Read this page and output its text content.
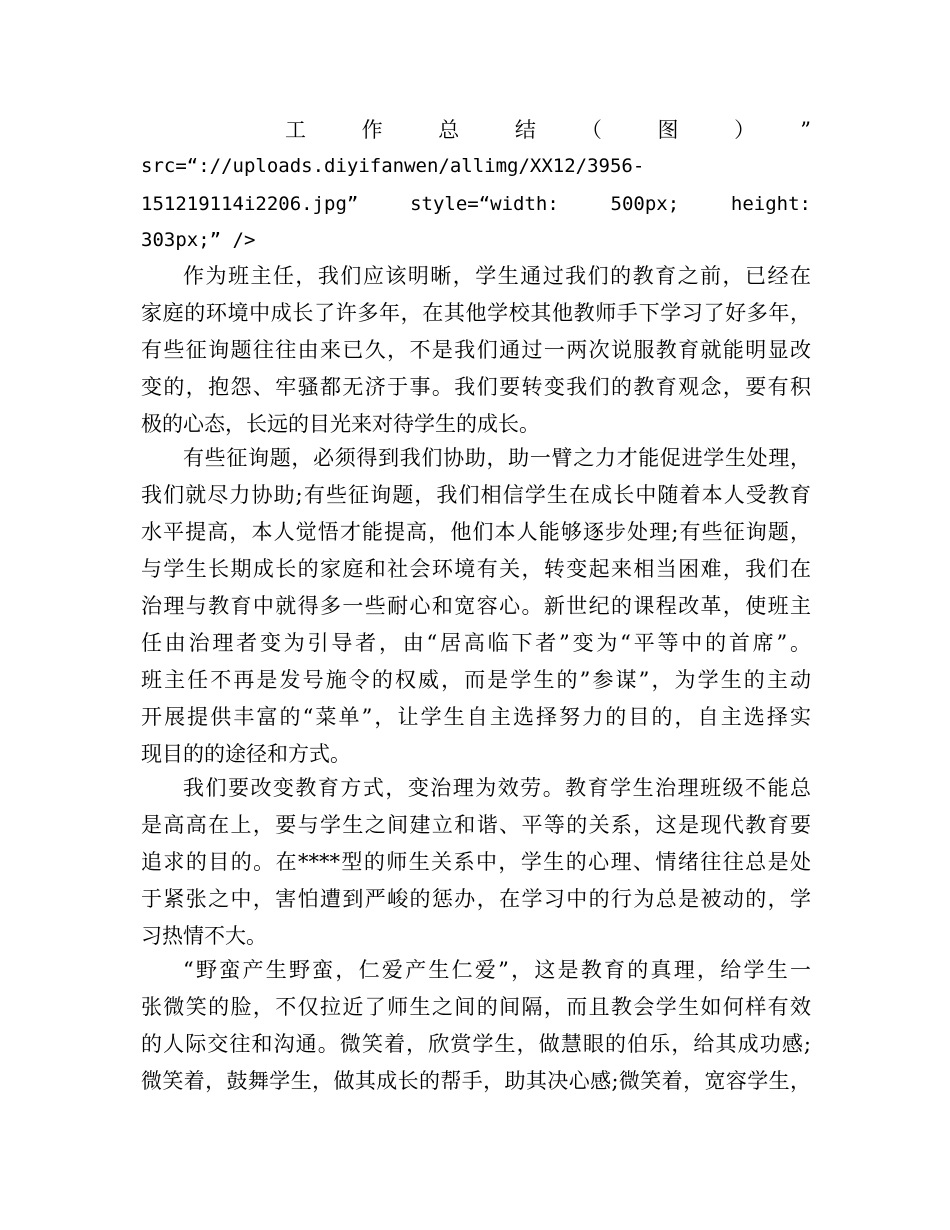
工　作　总　结　（　图　）　”
src=“://uploads.diyifanwen/allimg/XX12/3956-
151219114i2206.jpg”　　style=“width:　　500px;　　height:
303px;” />
作为班主任，我们应该明晰，学生通过我们的教育之前，已经在
家庭的环境中成长了许多年，在其他学校其他教师手下学习了好多年，
有些征询题往往由来已久，不是我们通过一两次说服教育就能明显改
变的，抱怨、牢骚都无济于事。我们要转变我们的教育观念，要有积
极的心态，长远的目光来对待学生的成长。
有些征询题，必须得到我们协助，助一臂之力才能促进学生处理，
我们就尽力协助;有些征询题，我们相信学生在成长中随着本人受教育
水平提高，本人觉悟才能提高，他们本人能够逐步处理;有些征询题，
与学生长期成长的家庭和社会环境有关，转变起来相当困难，我们在
治理与教育中就得多一些耐心和宽容心。新世纪的课程改革，使班主
任由治理者变为引导者，由“居高临下者”变为“平等中的首席”。
班主任不再是发号施令的权威，而是学生的”参谋”，为学生的主动
开展提供丰富的“菜单”，让学生自主选择努力的目的，自主选择实
现目的的途径和方式。
我们要改变教育方式，变治理为效劳。教育学生治理班级不能总
是高高在上，要与学生之间建立和谐、平等的关系，这是现代教育要
追求的目的。在****型的师生关系中，学生的心理、情绪往往总是处
于紧张之中，害怕遭到严峻的惩办，在学习中的行为总是被动的，学
习热情不大。
“野蛮产生野蛮，仁爱产生仁爱”，这是教育的真理，给学生一
张微笑的脸，不仅拉近了师生之间的间隔，而且教会学生如何样有效
的人际交往和沟通。微笑着，欣赏学生，做慧眼的伯乐，给其成功感;
微笑着，鼓舞学生，做其成长的帮手，助其决心感;微笑着，宽容学生，
